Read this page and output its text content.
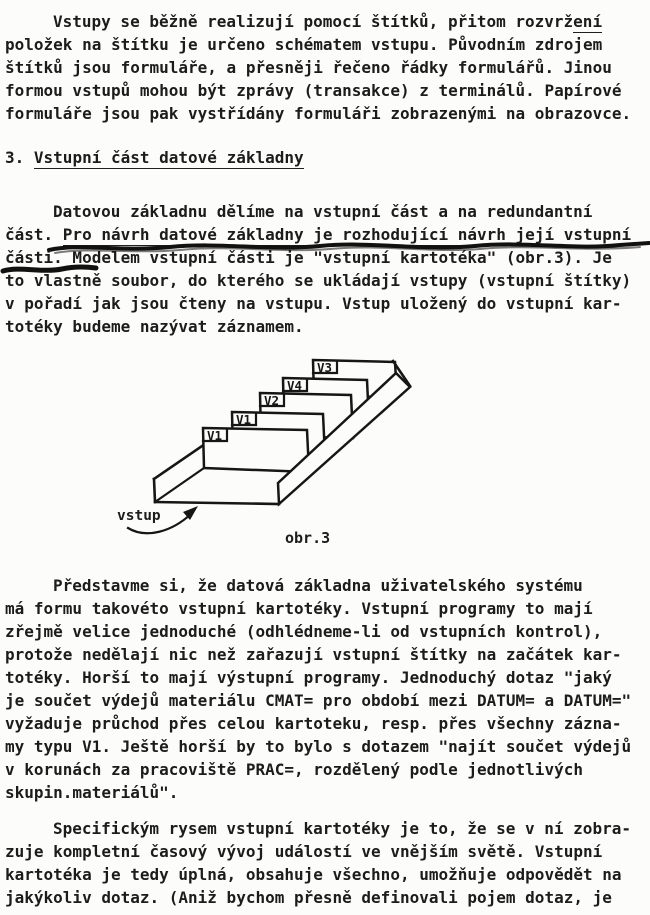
Vstupy se běžně realizují pomocí štítků, přitom rozvržení
položek na štítku je určeno schématem vstupu. Původním zdrojem
štítků jsou formuláře, a přesněji řečeno řádky formulářů. Jinou
formou vstupů mohou být zprávy (transakce) z terminálů. Papírové
formuláře jsou pak vystřídány formuláři zobrazenými na obrazovce.
3. Vstupní část datové základny
Datovou základnu dělíme na vstupní část a na redundantní
část. Pro návrh datové základny je rozhodující návrh její vstupní
části. Modelem vstupní části je "vstupní kartotéka" (obr.3). Je
to vlastně soubor, do kterého se ukládají vstupy (vstupní štítky)
v pořadí jak jsou čteny na vstupu. Vstup uložený do vstupní kar-
totéky budeme nazývat záznamem.
V3
V4
V2
V1
V1
vstup
obr.3
Představme si, že datová základna uživatelského systému
má formu takovéto vstupní kartotéky. Vstupní programy to mají
zřejmě velice jednoduché (odhlédneme-li od vstupních kontrol),
protože nedělají nic než zařazují vstupní štítky na začátek kar-
totéky. Horší to mají výstupní programy. Jednoduchý dotaz "jaký
je součet výdejů materiálu CMAT= pro období mezi DATUM= a DATUM="
vyžaduje průchod přes celou kartoteku, resp. přes všechny zázna-
my typu V1. Ještě horší by to bylo s dotazem "najít součet výdejů
v korunách za pracoviště PRAC=, rozdělený podle jednotlivých
skupin.materiálů".
Specifickým rysem vstupní kartotéky je to, že se v ní zobra-
zuje kompletní časový vývoj událostí ve vnějším světě. Vstupní
kartotéka je tedy úplná, obsahuje všechno, umožňuje odpovědět na
jakýkoliv dotaz. (Aniž bychom přesně definovali pojem dotaz, je
